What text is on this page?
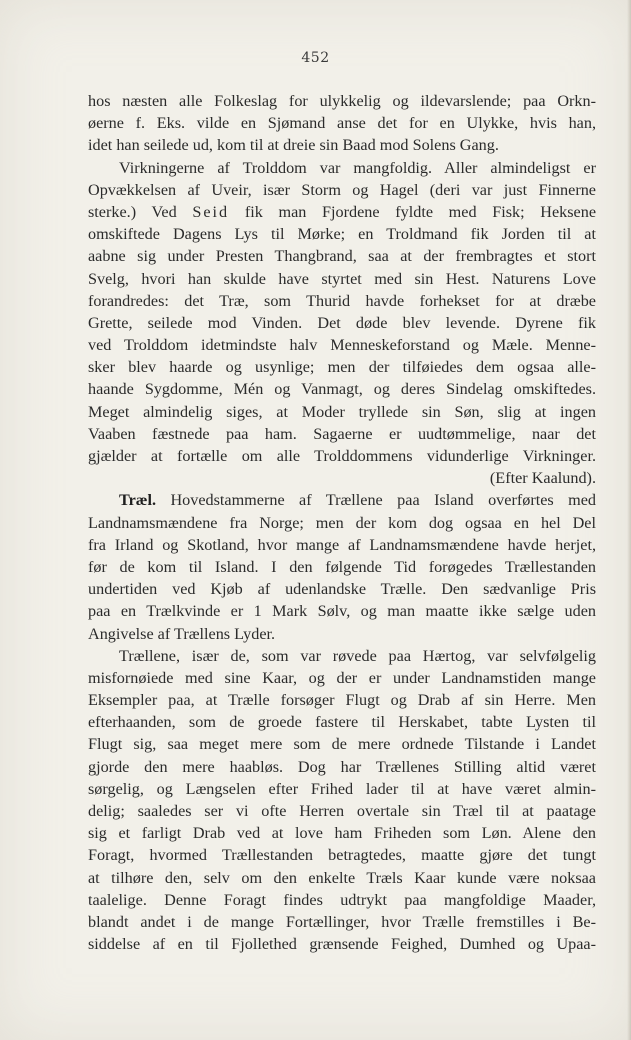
452
hos næsten alle Folkeslag for ulykkelig og ildevarslende; paa Orkn-
øerne f. Eks. vilde en Sjømand anse det for en Ulykke, hvis han,
idet han seilede ud, kom til at dreie sin Baad mod Solens Gang.
Virkningerne af Trolddom var mangfoldig. Aller almindeligst er
Opvækkelsen af Uveir, især Storm og Hagel (deri var just Finnerne
sterke.) Ved Seid fik man Fjordene fyldte med Fisk; Heksene
omskiftede Dagens Lys til Mørke; en Troldmand fik Jorden til at
aabne sig under Presten Thangbrand, saa at der frembragtes et stort
Svelg, hvori han skulde have styrtet med sin Hest. Naturens Love
forandredes: det Træ, som Thurid havde forhekset for at dræbe
Grette, seilede mod Vinden. Det døde blev levende. Dyrene fik
ved Trolddom idetmindste halv Menneskeforstand og Mæle. Menne-
sker blev haarde og usynlige; men der tilføiedes dem ogsaa alle-
haande Sygdomme, Mén og Vanmagt, og deres Sindelag omskiftedes.
Meget almindelig siges, at Moder tryllede sin Søn, slig at ingen
Vaaben fæstnede paa ham. Sagaerne er uudtømmelige, naar det
gjælder at fortælle om alle Trolddommens vidunderlige Virkninger.
(Efter Kaalund).
Træl. Hovedstammerne af Trællene paa Island overførtes med
Landnamsmændene fra Norge; men der kom dog ogsaa en hel Del
fra Irland og Skotland, hvor mange af Landnamsmændene havde herjet,
før de kom til Island. I den følgende Tid forøgedes Trællestanden
undertiden ved Kjøb af udenlandske Trælle. Den sædvanlige Pris
paa en Trælkvinde er 1 Mark Sølv, og man maatte ikke sælge uden
Angivelse af Trællens Lyder.
Trællene, især de, som var røvede paa Hærtog, var selvfølgelig
misfornøiede med sine Kaar, og der er under Landnamstiden mange
Eksempler paa, at Trælle forsøger Flugt og Drab af sin Herre. Men
efterhaanden, som de groede fastere til Herskabet, tabte Lysten til
Flugt sig, saa meget mere som de mere ordnede Tilstande i Landet
gjorde den mere haabløs. Dog har Trællenes Stilling altid været
sørgelig, og Længselen efter Frihed lader til at have været almin-
delig; saaledes ser vi ofte Herren overtale sin Træl til at paatage
sig et farligt Drab ved at love ham Friheden som Løn. Alene den
Foragt, hvormed Trællestanden betragtedes, maatte gjøre det tungt
at tilhøre den, selv om den enkelte Træls Kaar kunde være noksaa
taalelige. Denne Foragt findes udtrykt paa mangfoldige Maader,
blandt andet i de mange Fortællinger, hvor Trælle fremstilles i Be-
siddelse af en til Fjollethed grænsende Feighed, Dumhed og Upaa-
